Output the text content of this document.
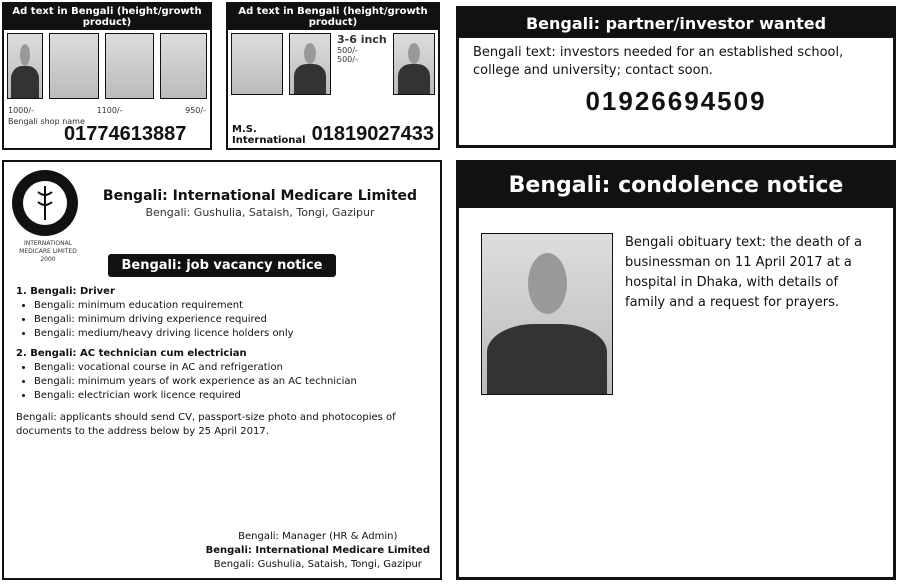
Ad text in Bengali (height/growth product)
1000/-	1100/-	950/-
Bengali shop name
01774613887
Ad text in Bengali (height/growth product)
3-6 inch
500/-
500/-
M.S. International 01819027433
Bengali: partner/investor wanted
Bengali text: investors needed for an established school, college and university; contact soon.
01926694509
Bengali: International Medicare Limited
Bengali: Gushulia, Sataish, Tongi, Gazipur
INTERNATIONAL MEDICARE LIMITED
2000	Bengali: job vacancy notice
1. Bengali: Driver
• Bengali: minimum education requirement
• Bengali: minimum driving experience required
• Bengali: medium/heavy driving licence holders only
2. Bengali: AC technician cum electrician
• Bengali: vocational course in AC and refrigeration
• Bengali: minimum years of work experience as an AC technician
• Bengali: electrician work licence required
Bengali: applicants should send CV, passport-size photo and photocopies of documents to the address below by 25 April 2017.
Bengali: Manager (HR & Admin)
Bengali: International Medicare Limited
Bengali: Gushulia, Sataish, Tongi, Gazipur
Bengali: condolence notice
Bengali obituary text: the death of a businessman on 11 April 2017 at a hospital in Dhaka, with details of family and a request for prayers.
